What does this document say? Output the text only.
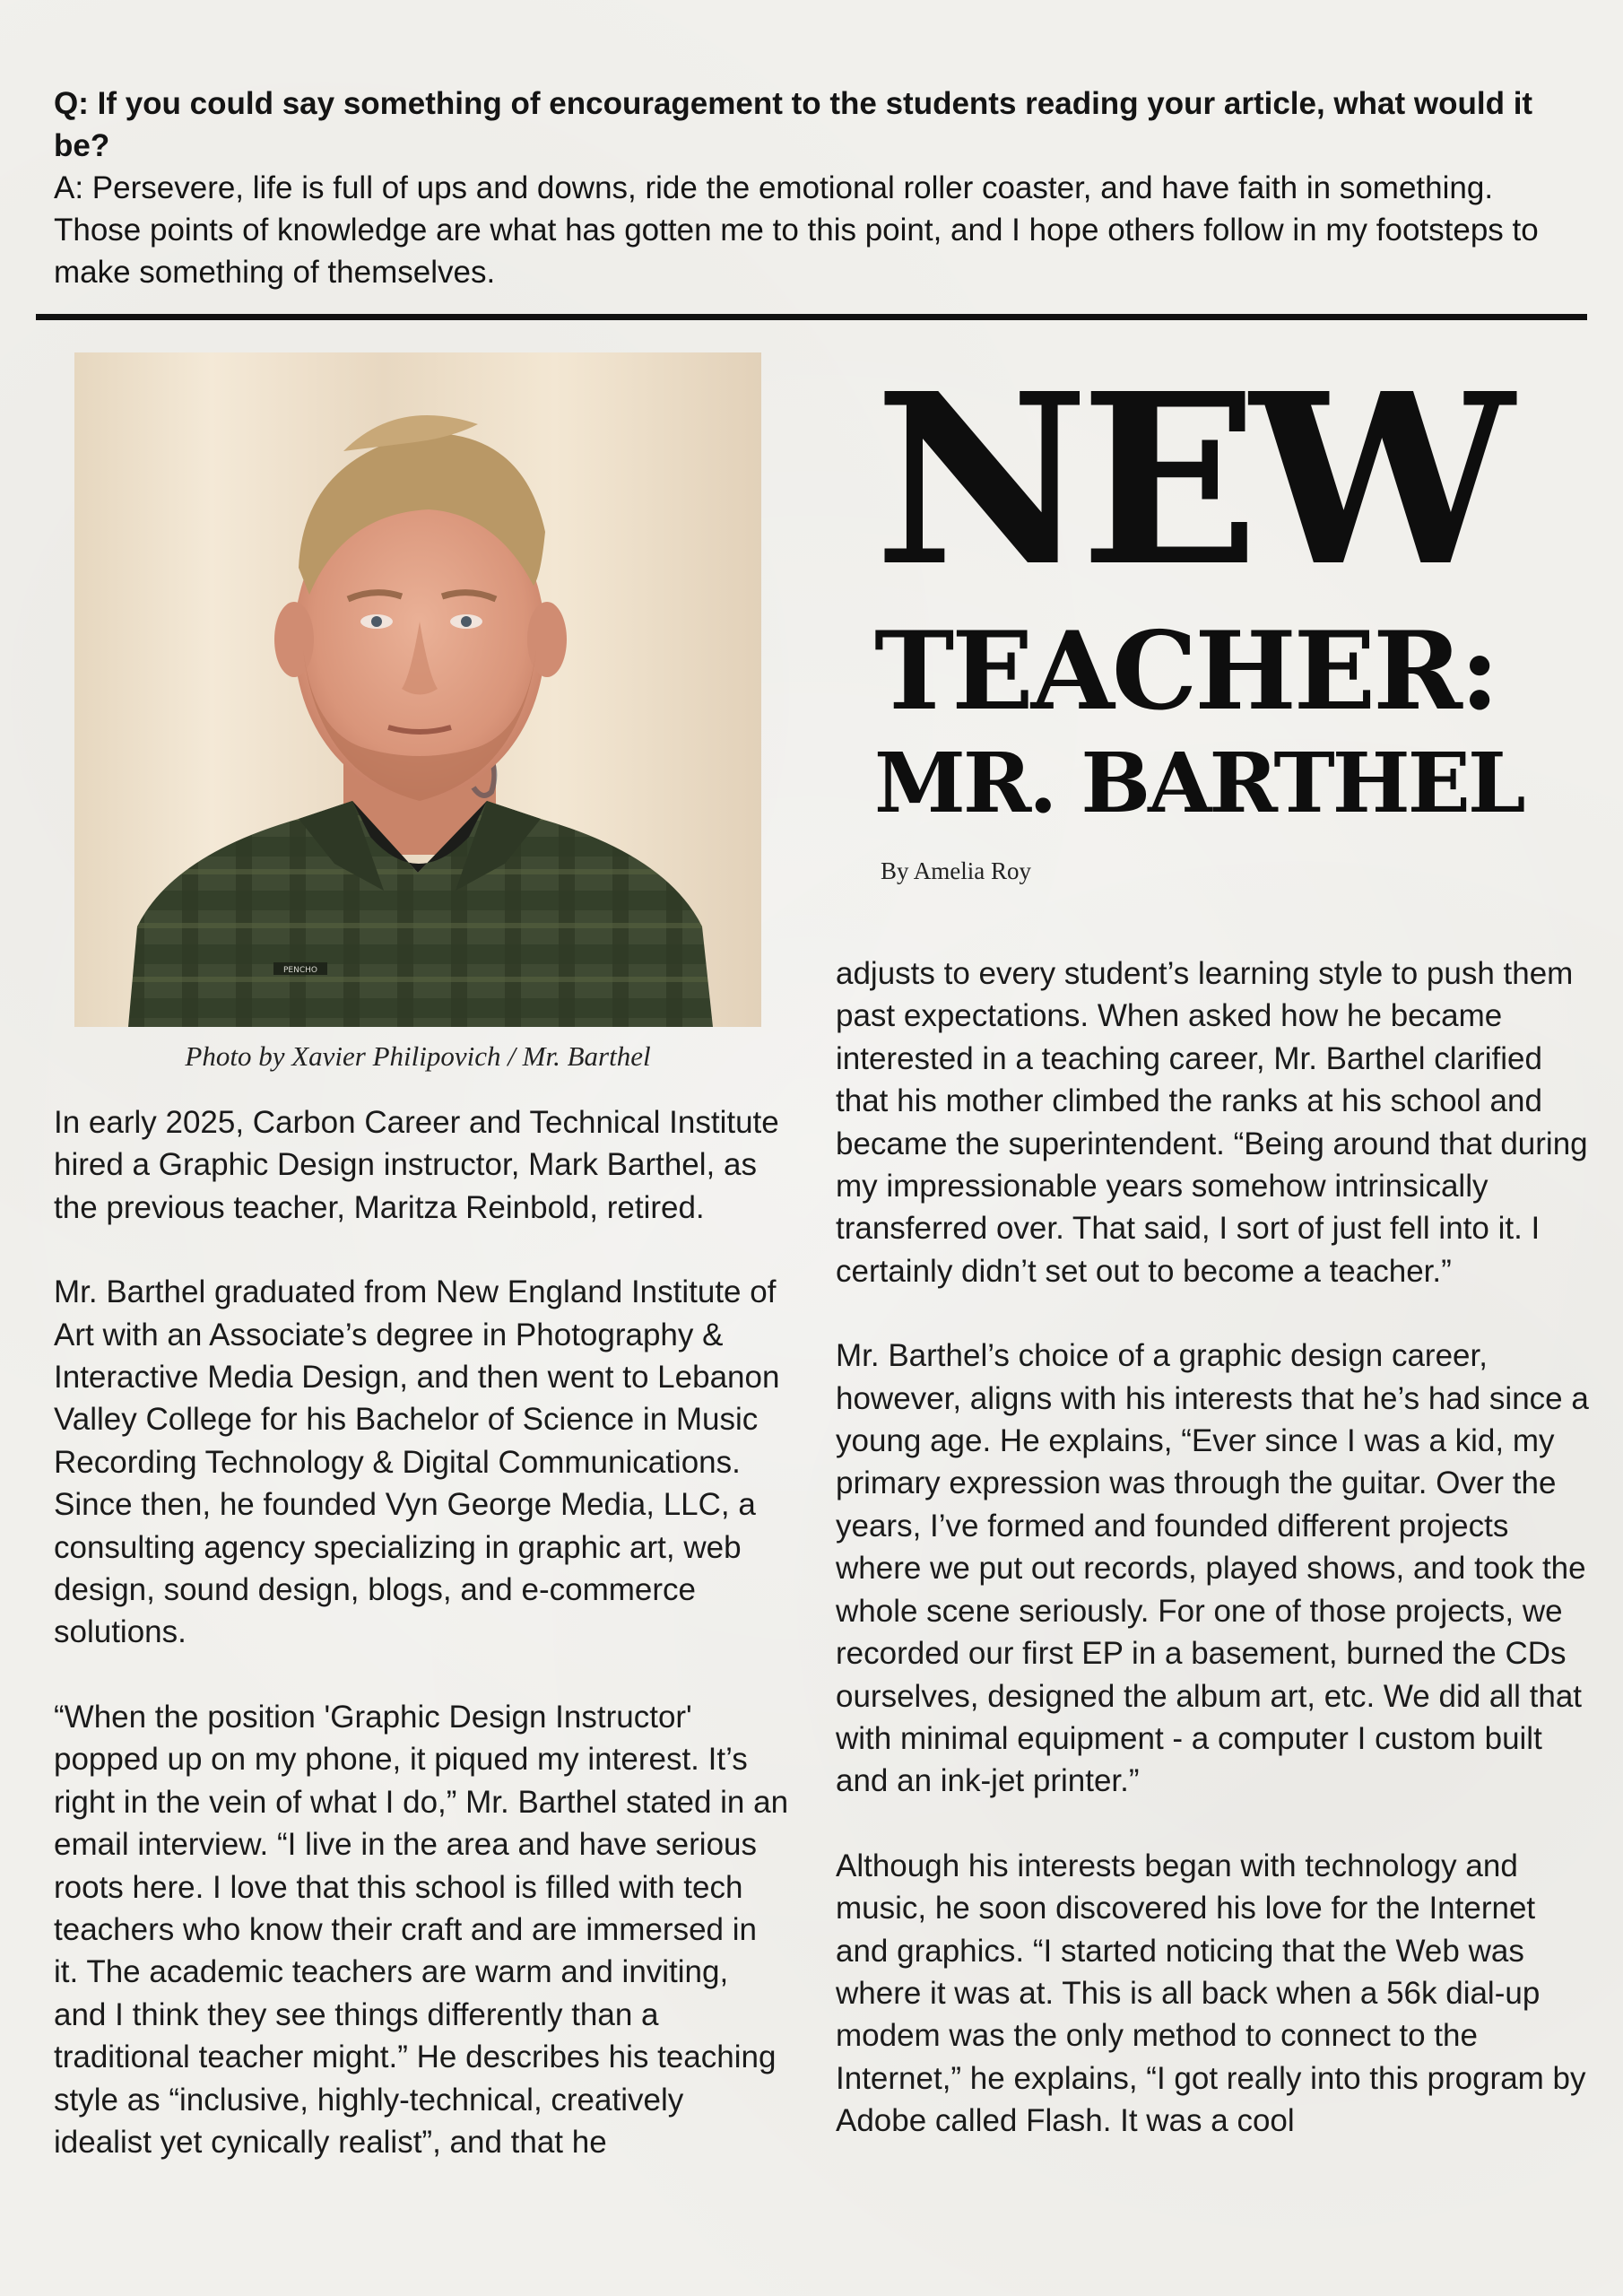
Q: If you could say something of encouragement to the students reading your article, what would it be?
A: Persevere, life is full of ups and downs, ride the emotional roller coaster, and have faith in something. Those points of knowledge are what has gotten me to this point, and I hope others follow in my footsteps to make something of themselves.
PENCHO
Photo by Xavier Philipovich / Mr. Barthel
NEW
TEACHER:
MR. BARTHEL
By Amelia Roy

In early 2025, Carbon Career and Technical Institute hired a Graphic Design instructor, Mark Barthel, as the previous teacher, Maritza Reinbold, retired.

Mr. Barthel graduated from New England Institute of Art with an Associate’s degree in Photography & Interactive Media Design, and then went to Lebanon Valley College for his Bachelor of Science in Music Recording Technology & Digital Communications. Since then, he founded Vyn George Media, LLC, a consulting agency specializing in graphic art, web design, sound design, blogs, and e-commerce solutions.

“When the position 'Graphic Design Instructor' popped up on my phone, it piqued my interest. It’s right in the vein of what I do,” Mr. Barthel stated in an email interview. “I live in the area and have serious roots here. I love that this school is filled with tech teachers who know their craft and are immersed in it. The academic teachers are warm and inviting, and I think they see things differently than a traditional teacher might.” He describes his teaching style as “inclusive, highly-technical, creatively idealist yet cynically realist”, and that he

adjusts to every student’s learning style to push them past expectations. When asked how he became interested in a teaching career, Mr. Barthel clarified that his mother climbed the ranks at his school and became the superintendent. “Being around that during my impressionable years somehow intrinsically transferred over. That said, I sort of just fell into it. I certainly didn’t set out to become a teacher.”

Mr. Barthel’s choice of a graphic design career, however, aligns with his interests that he’s had since a young age. He explains, “Ever since I was a kid, my primary expression was through the guitar. Over the years, I’ve formed and founded different projects where we put out records, played shows, and took the whole scene seriously. For one of those projects, we recorded our first EP in a basement, burned the CDs ourselves, designed the album art, etc. We did all that with minimal equipment - a computer I custom built and an ink-jet printer.”

Although his interests began with technology and music, he soon discovered his love for the Internet and graphics. “I started noticing that the Web was where it was at. This is all back when a 56k dial-up modem was the only method to connect to the Internet,” he explains, “I got really into this program by Adobe called Flash. It was a cool
